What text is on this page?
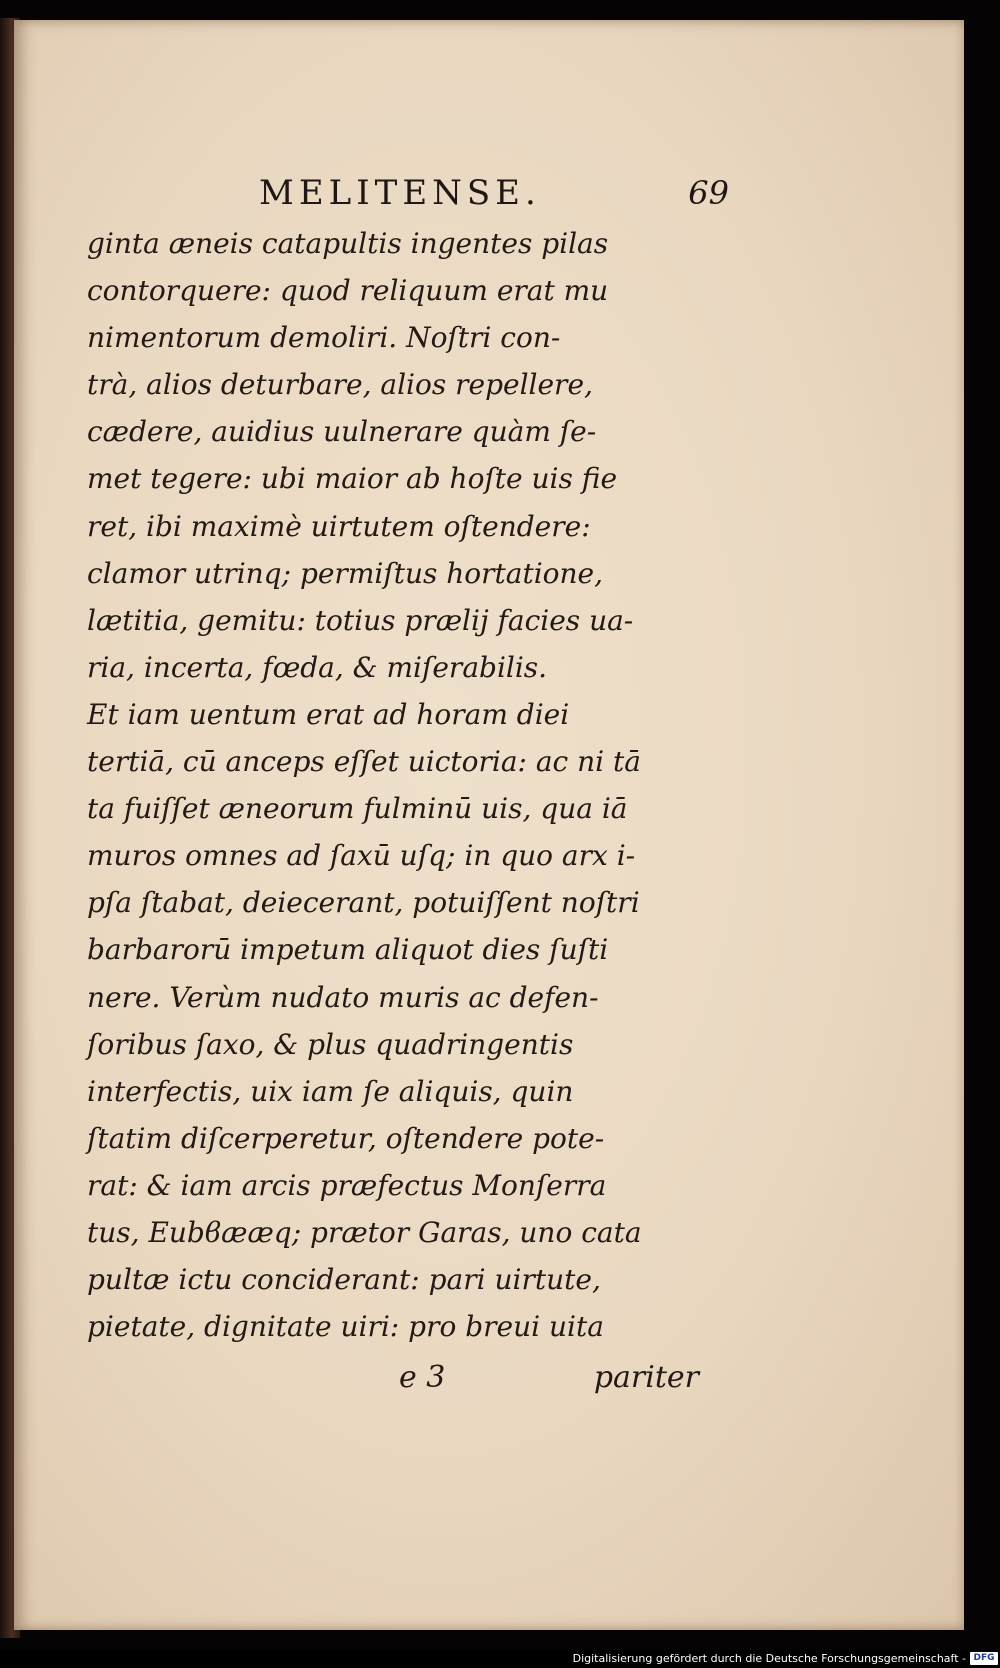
MELITENSE.	69
ginta æneis catapultis ingentes pilas
contorquere: quod reliquum erat mu
nimentorum demoliri. Noſtri con-
trà, alios deturbare, alios repellere,
cædere, auidius uulnerare quàm ſe-
met tegere: ubi maior ab hoſte uis fie
ret, ibi maximè uirtutem oſtendere:
clamor utrinq; permiſtus hortatione,
lætitia, gemitu: totius prælij facies ua-
ria, incerta, fœda, & miſerabilis.
Et iam uentum erat ad horam diei
tertiā, cū anceps eſſet uictoria: ac ni tā
ta fuiſſet æneorum fulminū uis, qua iā
muros omnes ad ſaxū uſq; in quo arx i-
pſa ſtabat, deiecerant, potuiſſent noſtri
barbarorū impetum aliquot dies ſuſti
nere. Verùm nudato muris ac defen-
ſoribus ſaxo, & plus quadringentis
interfectis, uix iam ſe aliquis, quin
ſtatim diſcerperetur, oſtendere pote-
rat: & iam arcis præfectus Monſerra
tus, Eubϐææq; prætor Garas, uno cata
pultæ ictu conciderant: pari uirtute,
pietate, dignitate uiri: pro breui uita
e 3	pariter
Digitalisierung gefördert durch die Deutsche Forschungsgemeinschaft - DFG
